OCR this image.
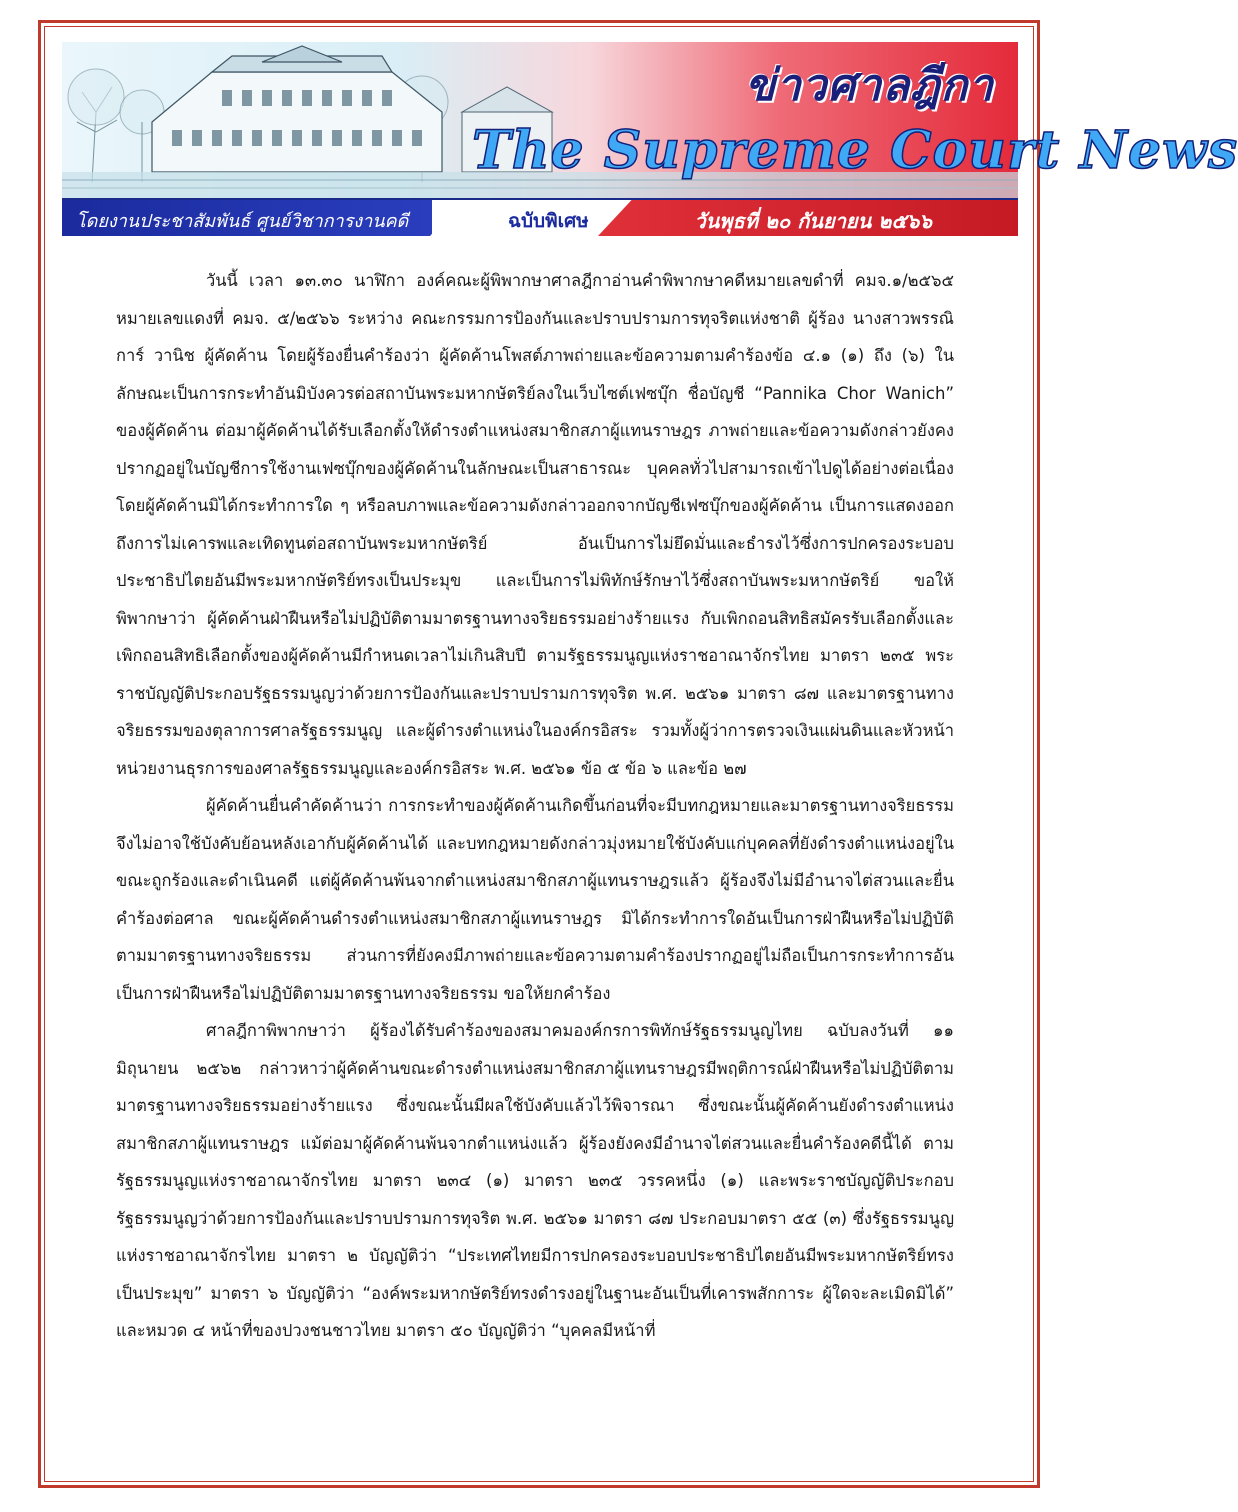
ข่าวศาลฎีกา
The Supreme Court News
โดยงานประชาสัมพันธ์ ศูนย์วิชาการงานคดี	ฉบับพิเศษ	วันพุธที่ ๒๐ กันยายน ๒๕๖๖

วันนี้ เวลา ๑๓.๓๐ นาฬิกา องค์คณะผู้พิพากษาศาลฎีกาอ่านคำพิพากษาคดีหมายเลขดำที่ คมจ.๑/๒๕๖๕ หมายเลขแดงที่ คมจ. ๕/๒๕๖๖ ระหว่าง คณะกรรมการป้องกันและปราบปรามการทุจริตแห่งชาติ ผู้ร้อง นางสาวพรรณิการ์ วานิช ผู้คัดค้าน โดยผู้ร้องยื่นคำร้องว่า ผู้คัดค้านโพสต์ภาพถ่ายและข้อความตามคำร้องข้อ ๔.๑ (๑) ถึง (๖) ในลักษณะเป็นการกระทำอันมิบังควรต่อสถาบันพระมหากษัตริย์ลงในเว็บไซต์เฟซบุ๊ก ชื่อบัญชี “Pannika Chor Wanich” ของผู้คัดค้าน ต่อมาผู้คัดค้านได้รับเลือกตั้งให้ดำรงตำแหน่งสมาชิกสภาผู้แทนราษฎร ภาพถ่ายและข้อความดังกล่าวยังคงปรากฏอยู่ในบัญชีการใช้งานเฟซบุ๊กของผู้คัดค้านในลักษณะเป็นสาธารณะ บุคคลทั่วไปสามารถเข้าไปดูได้อย่างต่อเนื่อง โดยผู้คัดค้านมิได้กระทำการใด ๆ หรือลบภาพและข้อความดังกล่าวออกจากบัญชีเฟซบุ๊กของผู้คัดค้าน เป็นการแสดงออกถึงการไม่เคารพและเทิดทูนต่อสถาบันพระมหากษัตริย์ อันเป็นการไม่ยึดมั่นและธำรงไว้ซึ่งการปกครองระบอบประชาธิปไตยอันมีพระมหากษัตริย์ทรงเป็นประมุข และเป็นการไม่พิทักษ์รักษาไว้ซึ่งสถาบันพระมหากษัตริย์ ขอให้พิพากษาว่า ผู้คัดค้านฝ่าฝืนหรือไม่ปฏิบัติตามมาตรฐานทางจริยธรรมอย่างร้ายแรง กับเพิกถอนสิทธิสมัครรับเลือกตั้งและเพิกถอนสิทธิเลือกตั้งของผู้คัดค้านมีกำหนดเวลาไม่เกินสิบปี ตามรัฐธรรมนูญแห่งราชอาณาจักรไทย มาตรา ๒๓๕ พระราชบัญญัติประกอบรัฐธรรมนูญว่าด้วยการป้องกันและปราบปรามการทุจริต พ.ศ. ๒๕๖๑ มาตรา ๘๗ และมาตรฐานทางจริยธรรมของตุลาการศาลรัฐธรรมนูญ และผู้ดำรงตำแหน่งในองค์กรอิสระ รวมทั้งผู้ว่าการตรวจเงินแผ่นดินและหัวหน้าหน่วยงานธุรการของศาลรัฐธรรมนูญและองค์กรอิสระ พ.ศ. ๒๕๖๑ ข้อ ๕ ข้อ ๖ และข้อ ๒๗

ผู้คัดค้านยื่นคำคัดค้านว่า การกระทำของผู้คัดค้านเกิดขึ้นก่อนที่จะมีบทกฎหมายและมาตรฐานทางจริยธรรม จึงไม่อาจใช้บังคับย้อนหลังเอากับผู้คัดค้านได้ และบทกฎหมายดังกล่าวมุ่งหมายใช้บังคับแก่บุคคลที่ยังดำรงตำแหน่งอยู่ในขณะถูกร้องและดำเนินคดี แต่ผู้คัดค้านพ้นจากตำแหน่งสมาชิกสภาผู้แทนราษฎรแล้ว ผู้ร้องจึงไม่มีอำนาจไต่สวนและยื่นคำร้องต่อศาล ขณะผู้คัดค้านดำรงตำแหน่งสมาชิกสภาผู้แทนราษฎร มิได้กระทำการใดอันเป็นการฝ่าฝืนหรือไม่ปฏิบัติตามมาตรฐานทางจริยธรรม ส่วนการที่ยังคงมีภาพถ่ายและข้อความตามคำร้องปรากฏอยู่ไม่ถือเป็นการกระทำการอันเป็นการฝ่าฝืนหรือไม่ปฏิบัติตามมาตรฐานทางจริยธรรม ขอให้ยกคำร้อง

ศาลฎีกาพิพากษาว่า ผู้ร้องได้รับคำร้องของสมาคมองค์กรการพิทักษ์รัฐธรรมนูญไทย ฉบับลงวันที่ ๑๑ มิถุนายน ๒๕๖๒ กล่าวหาว่าผู้คัดค้านขณะดำรงตำแหน่งสมาชิกสภาผู้แทนราษฎรมีพฤติการณ์ฝ่าฝืนหรือไม่ปฏิบัติตามมาตรฐานทางจริยธรรมอย่างร้ายแรง ซึ่งขณะนั้นมีผลใช้บังคับแล้วไว้พิจารณา ซึ่งขณะนั้นผู้คัดค้านยังดำรงตำแหน่งสมาชิกสภาผู้แทนราษฎร แม้ต่อมาผู้คัดค้านพ้นจากตำแหน่งแล้ว ผู้ร้องยังคงมีอำนาจไต่สวนและยื่นคำร้องคดีนี้ได้ ตามรัฐธรรมนูญแห่งราชอาณาจักรไทย มาตรา ๒๓๔ (๑) มาตรา ๒๓๕ วรรคหนึ่ง (๑) และพระราชบัญญัติประกอบรัฐธรรมนูญว่าด้วยการป้องกันและปราบปรามการทุจริต พ.ศ. ๒๕๖๑ มาตรา ๘๗ ประกอบมาตรา ๕๕ (๓) ซึ่งรัฐธรรมนูญแห่งราชอาณาจักรไทย มาตรา ๒ บัญญัติว่า “ประเทศไทยมีการปกครองระบอบประชาธิปไตยอันมีพระมหากษัตริย์ทรงเป็นประมุข” มาตรา ๖ บัญญัติว่า “องค์พระมหากษัตริย์ทรงดำรงอยู่ในฐานะอันเป็นที่เคารพสักการะ ผู้ใดจะละเมิดมิได้” และหมวด ๔ หน้าที่ของปวงชนชาวไทย มาตรา ๕๐ บัญญัติว่า “บุคคลมีหน้าที่
